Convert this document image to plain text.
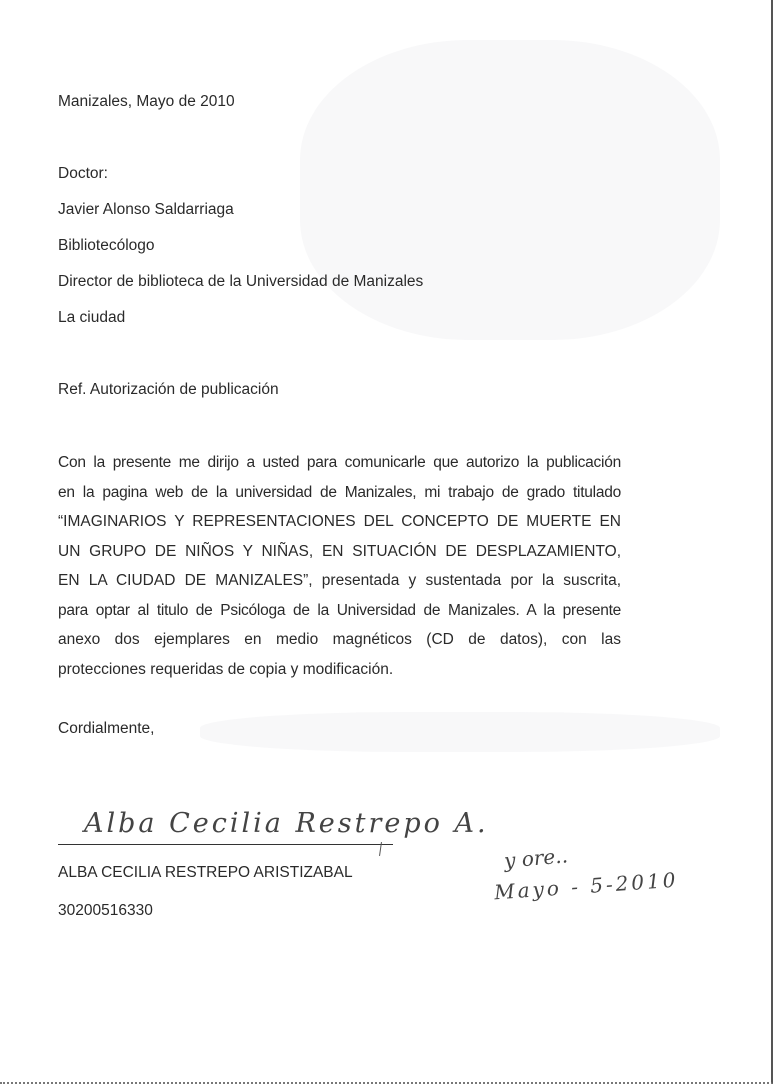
Manizales, Mayo de 2010
Doctor:
Javier Alonso Saldarriaga
Bibliotecólogo
Director de biblioteca de la Universidad de Manizales
La ciudad
Ref. Autorización de publicación
Con la presente me dirijo a usted para comunicarle que autorizo la publicación
en la pagina web de la universidad de Manizales, mi trabajo de grado titulado
“IMAGINARIOS Y REPRESENTACIONES DEL CONCEPTO DE MUERTE EN
UN GRUPO DE NIÑOS Y NIÑAS, EN SITUACIÓN DE DESPLAZAMIENTO,
EN LA CIUDAD DE MANIZALES”, presentada y sustentada por la suscrita,
para optar al titulo de Psicóloga de la Universidad de Manizales. A la presente
anexo dos ejemplares en medio magnéticos (CD de datos), con las
protecciones requeridas de copia y modificación.
Cordialmente,
Alba Cecilia Restrepo A.
ALBA CECILIA RESTREPO ARISTIZABAL
30200516330
y ore..
Mayo - 5-2010
